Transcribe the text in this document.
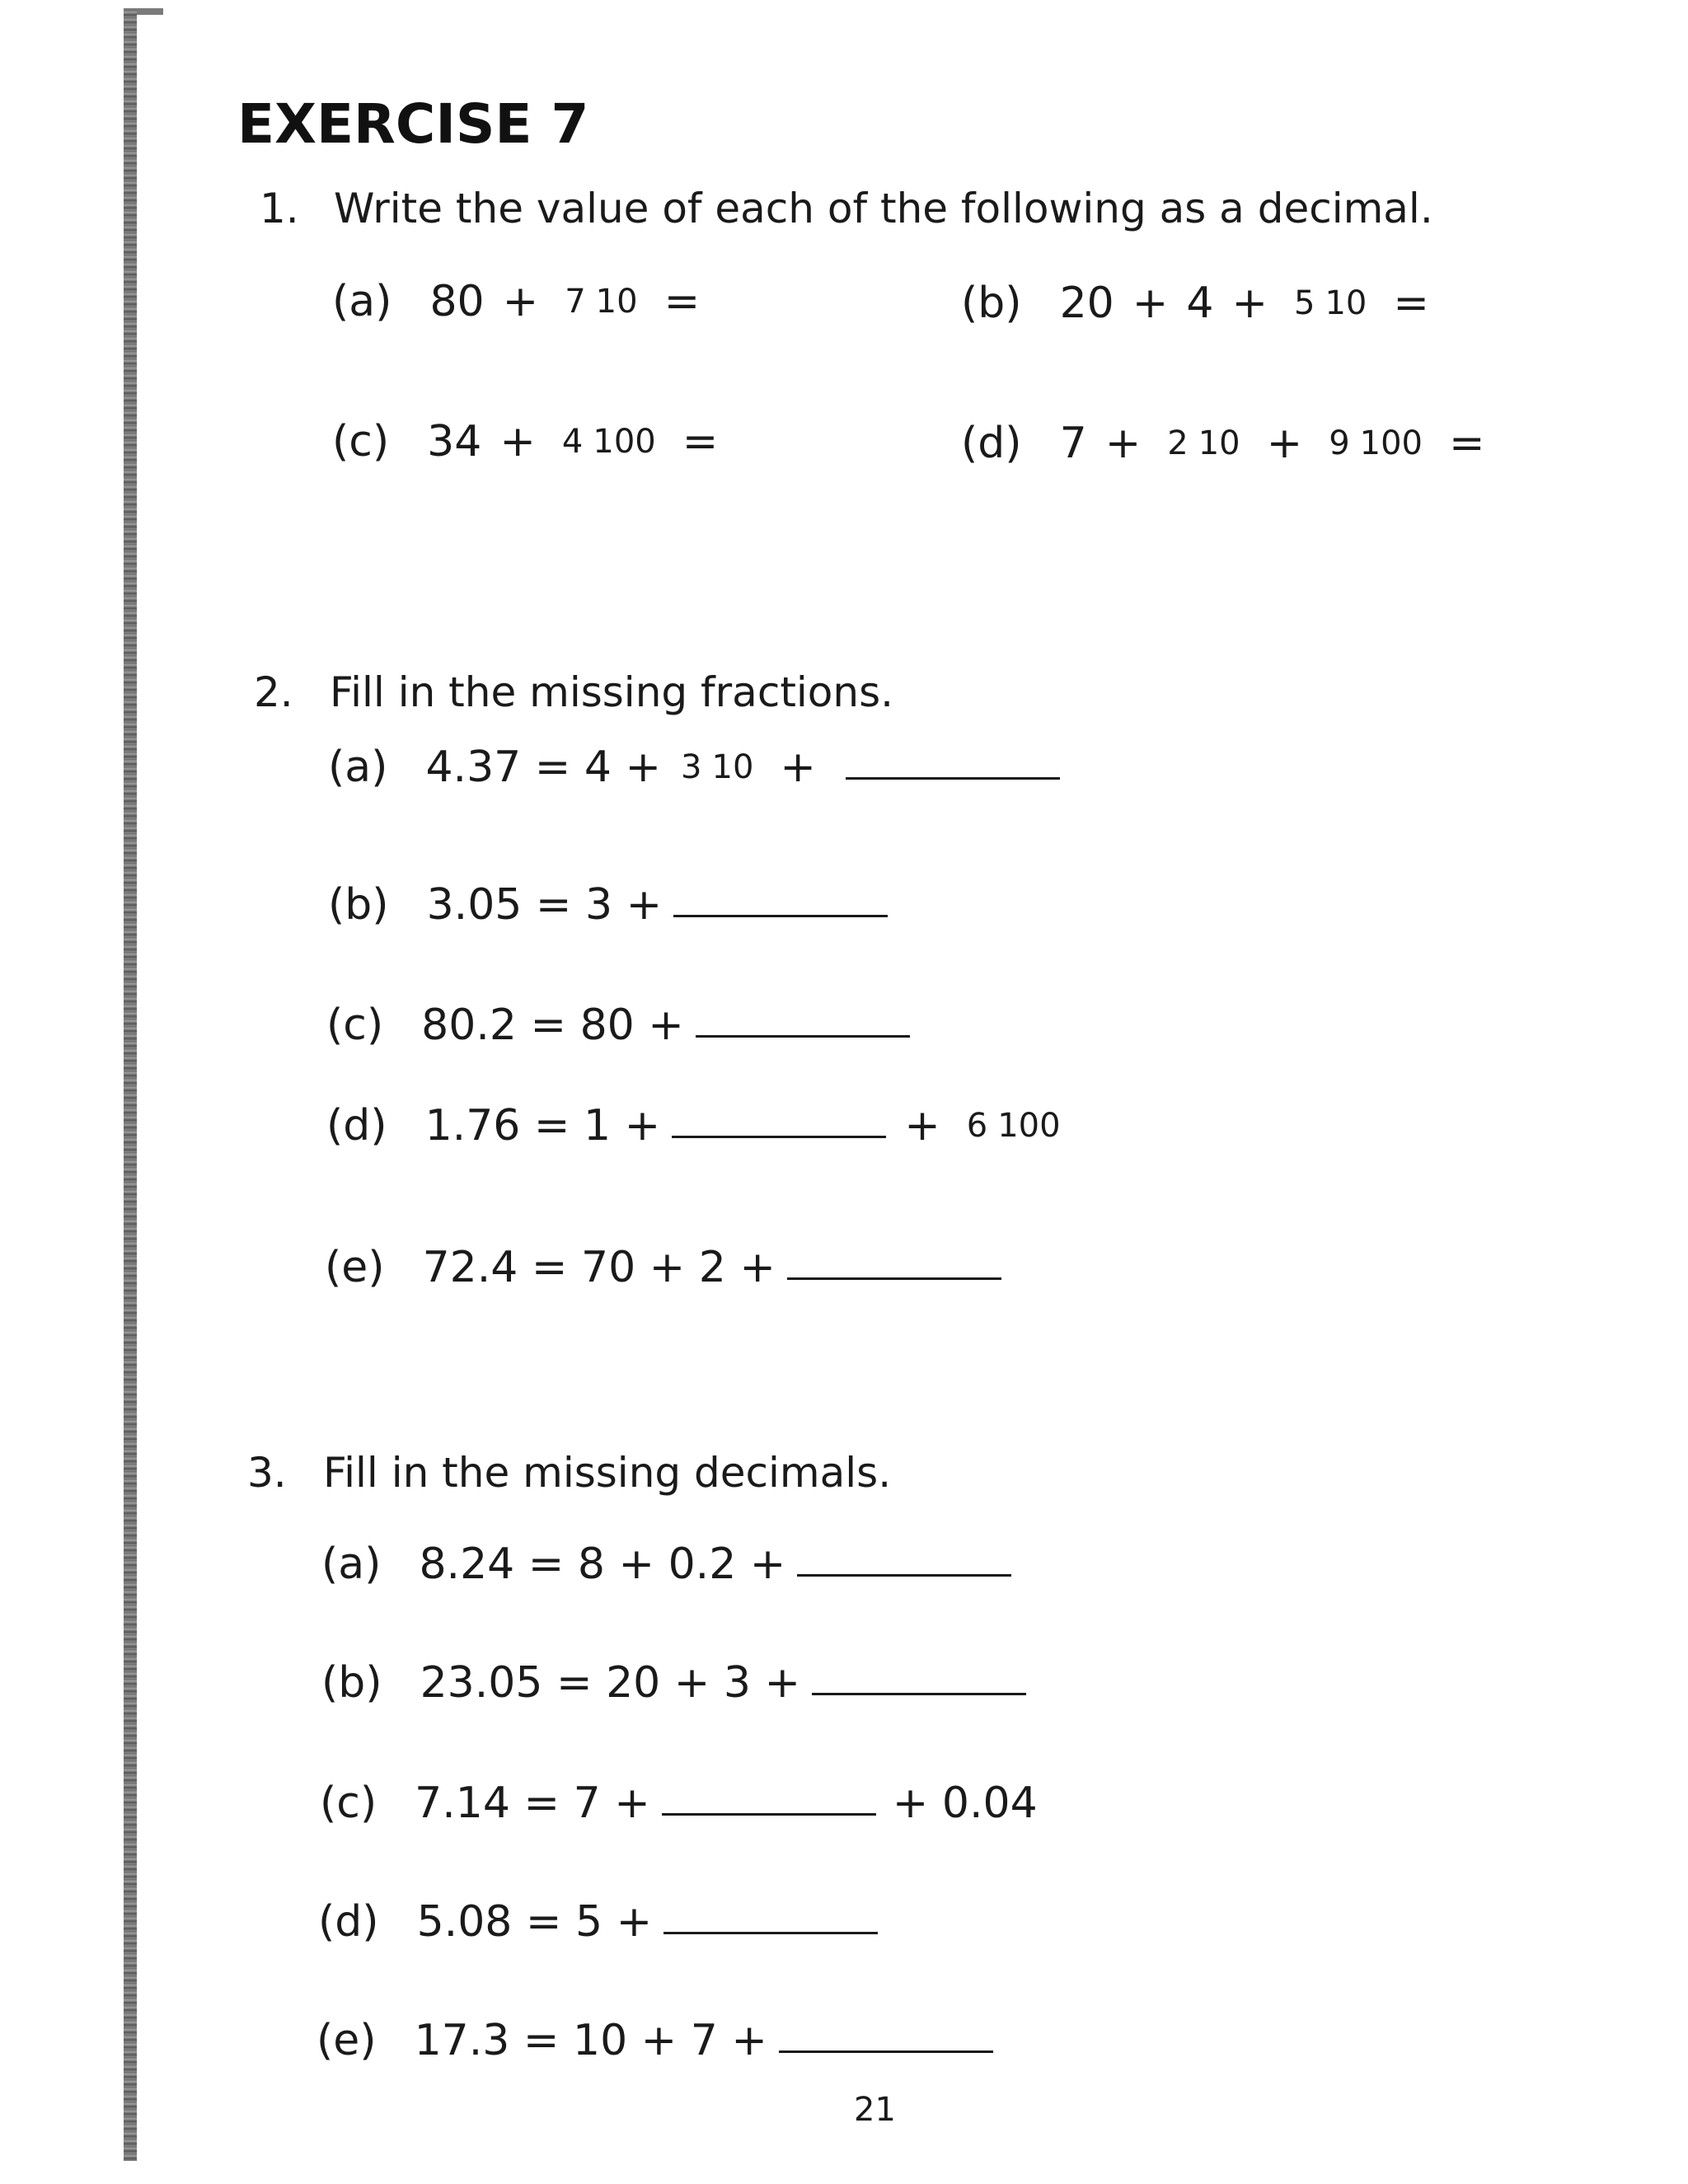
EXERCISE 7
1. Write the value of each of the following as a decimal.
(a) 80 + 7 10 =	(b) 20 + 4 + 5 10 =
(c) 34 + 4 100 =	(d) 7 + 2 10 + 9 100 =
2. Fill in the missing fractions.
(a) 4.37 = 4 + 3 10 +
(b) 3.05 = 3 +
(c) 80.2 = 80 +
(d) 1.76 = 1 +	+ 6 100
(e) 72.4 = 70 + 2 +
3. Fill in the missing decimals.
(a) 8.24 = 8 + 0.2 +
(b) 23.05 = 20 + 3 +
(c) 7.14 = 7 +	+ 0.04
(d) 5.08 = 5 +
(e) 17.3 = 10 + 7 +
21
